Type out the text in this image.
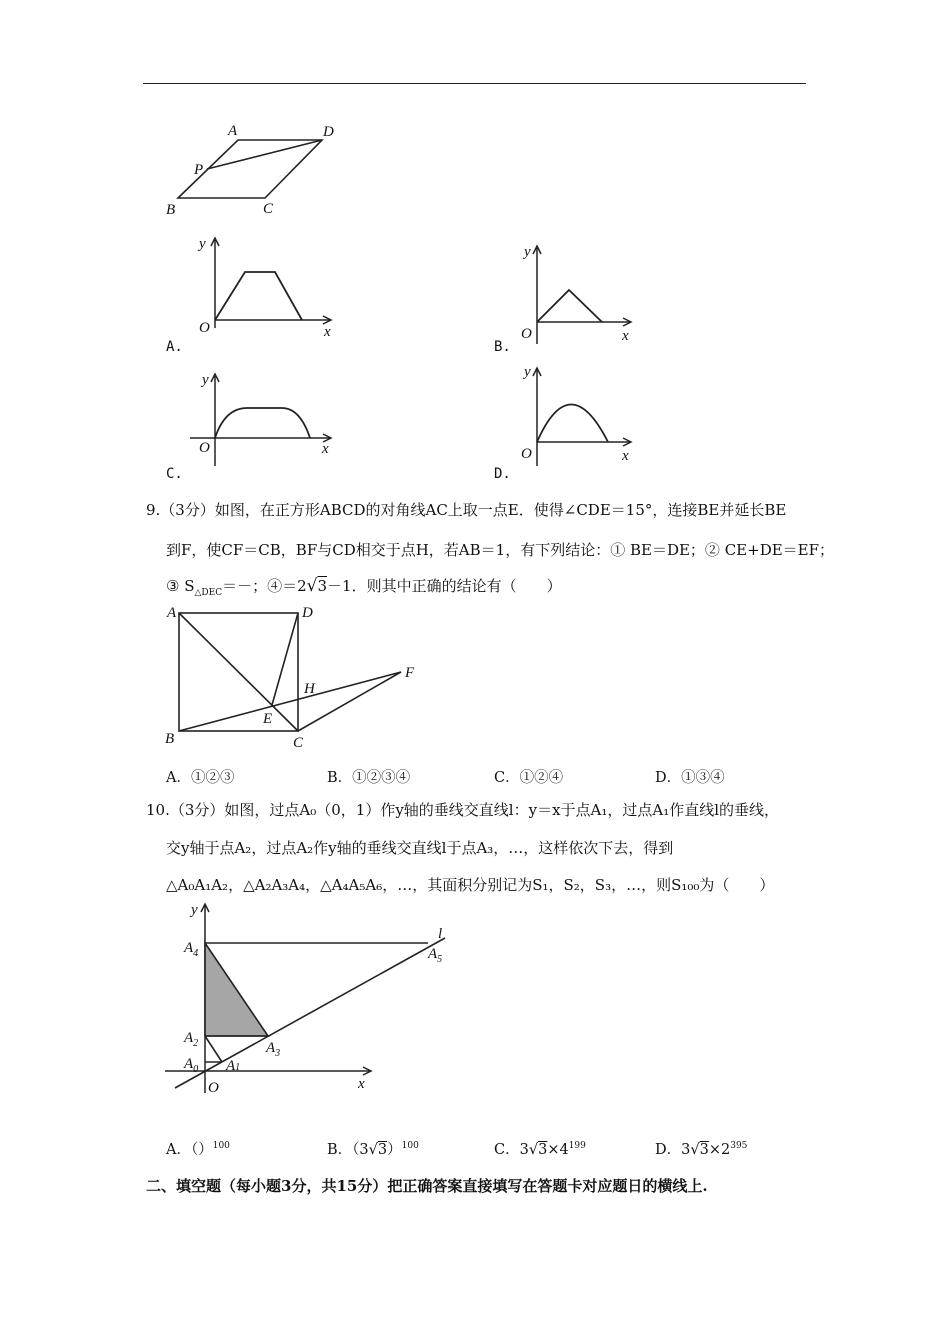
A	D
P
B	C
y
O	x
A.
y
O	x
B.
y
O	x
C.
y
O	x
D.
9.（3分）如图，在正方形ABCD的对角线AC上取一点E．使得∠CDE＝15°，连接BE并延长BE
到F，使CF＝CB，BF与CD相交于点H，若AB＝1，有下列结论：① BE＝DE；② CE+DE＝EF；
③ $S_{\triangle DEC}=-$；④＝2√3－1．则其中正确的结论有（　　）
A	D
B	C
E
H
F
A．①②③	B．①②③④	C．①②④	D．①③④
10.（3分）如图，过点A₀（0，1）作y轴的垂线交直线l：y＝x于点A₁，过点A₁作直线l的垂线，
交y轴于点A₂，过点A₂作y轴的垂线交直线l于点A₃，…，这样依次下去，得到
△A₀A₁A₂，△A₂A₃A₄，△A₄A₅A₆，…，其面积分别记为S₁，S₂，S₃，…，则S₁₀₀为（　　）
y
l
$A_4$	$A_5$
$A_2$	$A_3$
$A_0$ A1
O	x
A．（）$^{100}$	B．$(3√3)^{100}$	C．$3√3\times 4^{199}$	D．$3√3\times 2^{395}$
二、填空题（每小题3分，共15分）把正确答案直接填写在答题卡对应题日的横线上.
